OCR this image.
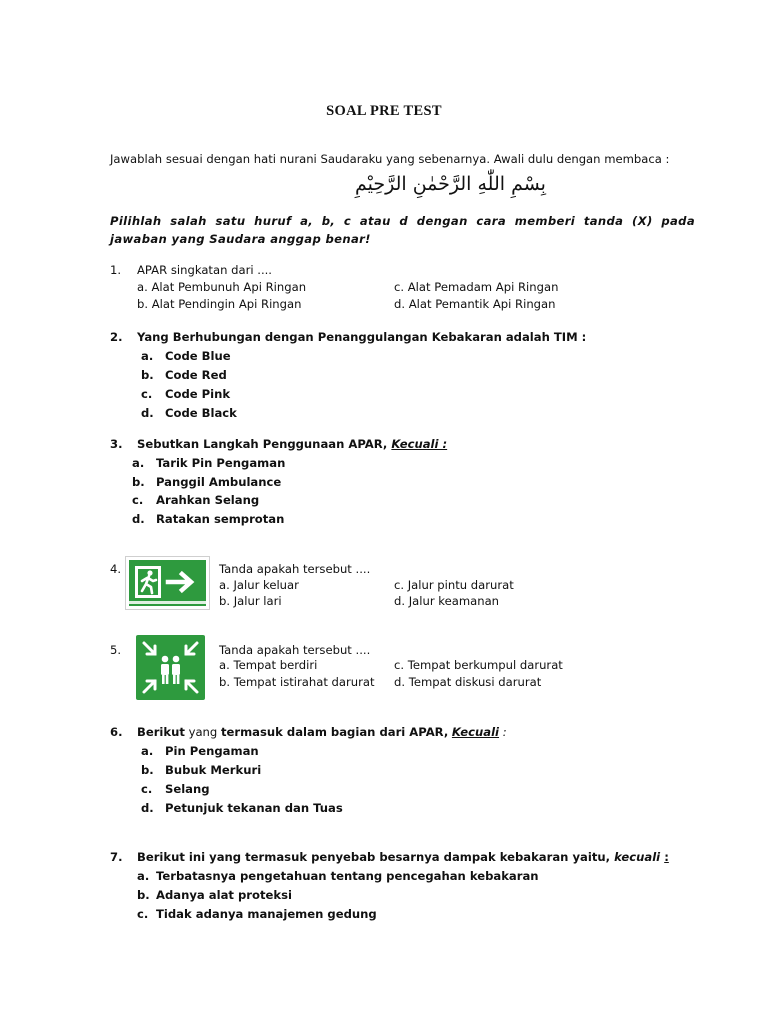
SOAL PRE TEST
Jawablah sesuai dengan hati nurani Saudaraku yang sebenarnya. Awali dulu dengan membaca :
بِسْمِ اللّٰهِ الرَّحْمٰنِ الرَّحِيْمِ
Pilihlah salah satu huruf a, b, c atau d dengan cara memberi tanda (X) pada jawaban yang Saudara anggap benar!
1. APAR singkatan dari ....
a. Alat Pembunuh Api Ringan
b. Alat Pendingin Api Ringan
c. Alat Pemadam Api Ringan
d. Alat Pemantik Api Ringan
2. Yang Berhubungan dengan Penanggulangan Kebakaran adalah TIM :
a. Code Blue
b. Code Red
c. Code Pink
d. Code Black
3. Sebutkan Langkah Penggunaan APAR, Kecuali :
a. Tarik Pin Pengaman
b. Panggil Ambulance
c. Arahkan Selang
d. Ratakan semprotan
4.	Tanda apakah tersebut ....
a. Jalur keluar
b. Jalur lari
c. Jalur pintu darurat
d. Jalur keamanan
5.	Tanda apakah tersebut ....
a. Tempat berdiri
b. Tempat istirahat darurat
c. Tempat berkumpul darurat
d. Tempat diskusi darurat
6. Berikut yang termasuk dalam bagian dari APAR, Kecuali :
a. Pin Pengaman
b. Bubuk Merkuri
c. Selang
d. Petunjuk tekanan dan Tuas
7. Berikut ini yang termasuk penyebab besarnya dampak kebakaran yaitu, kecuali :
a. Terbatasnya pengetahuan tentang pencegahan kebakaran
b. Adanya alat proteksi
c. Tidak adanya manajemen gedung
